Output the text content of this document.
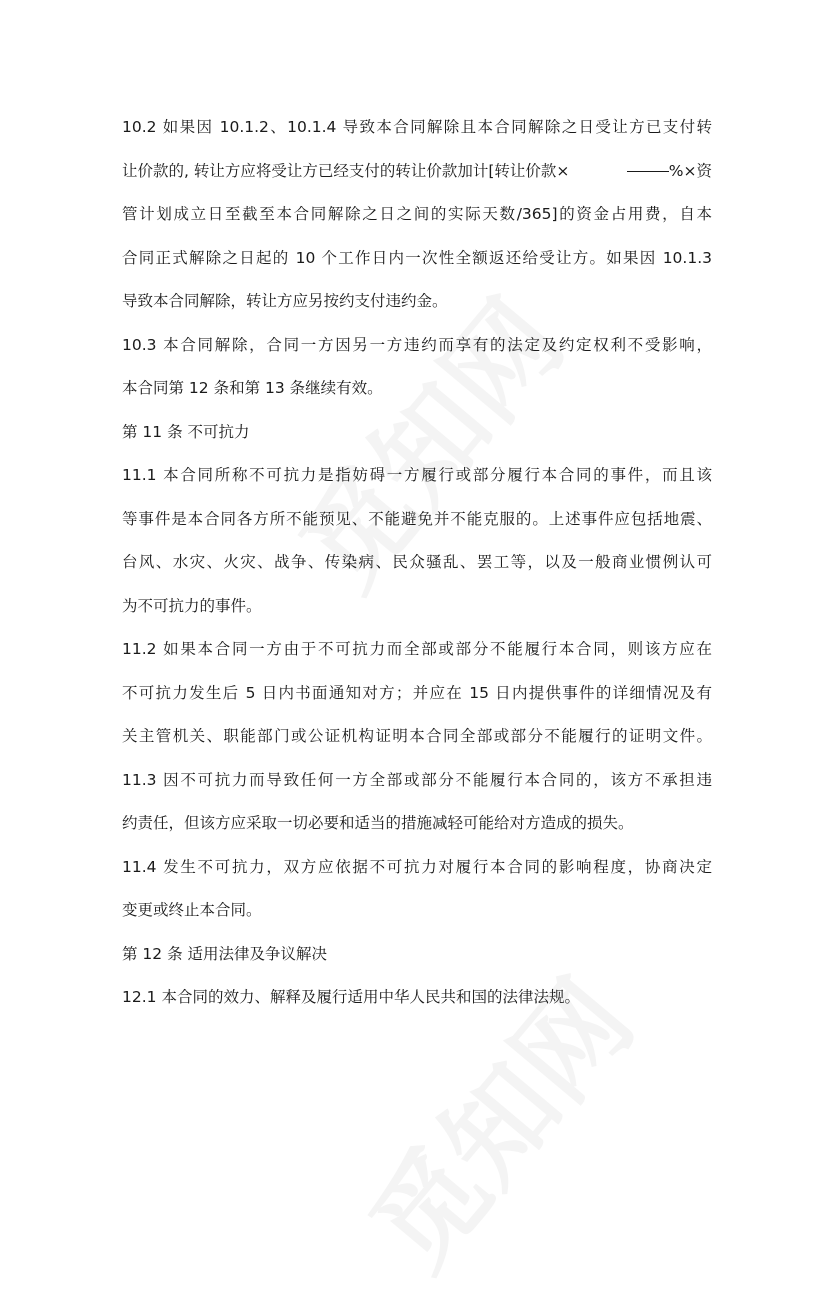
10.2 如果因 10.1.2、10.1.4 导致本合同解除且本合同解除之日受让方已支付转
让价款的, 转让方应将受让方已经支付的转让价款加计[转让价款×	%×资
管计划成立日至截至本合同解除之日之间的实际天数/365]的资金占用费，自本
合同正式解除之日起的 10 个工作日内一次性全额返还给受让方。如果因 10.1.3
导致本合同解除，转让方应另按约支付违约金。
10.3 本合同解除，合同一方因另一方违约而享有的法定及约定权利不受影响，
本合同第 12 条和第 13 条继续有效。
第 11 条 不可抗力
11.1 本合同所称不可抗力是指妨碍一方履行或部分履行本合同的事件，而且该
等事件是本合同各方所不能预见、不能避免并不能克服的。上述事件应包括地震、
台风、水灾、火灾、战争、传染病、民众骚乱、罢工等，以及一般商业惯例认可
为不可抗力的事件。
11.2 如果本合同一方由于不可抗力而全部或部分不能履行本合同，则该方应在
不可抗力发生后 5 日内书面通知对方；并应在 15 日内提供事件的详细情况及有
关主管机关、职能部门或公证机构证明本合同全部或部分不能履行的证明文件。
11.3 因不可抗力而导致任何一方全部或部分不能履行本合同的，该方不承担违
约责任，但该方应采取一切必要和适当的措施减轻可能给对方造成的损失。
11.4 发生不可抗力，双方应依据不可抗力对履行本合同的影响程度，协商决定
变更或终止本合同。
第 12 条 适用法律及争议解决
12.1 本合同的效力、解释及履行适用中华人民共和国的法律法规。
